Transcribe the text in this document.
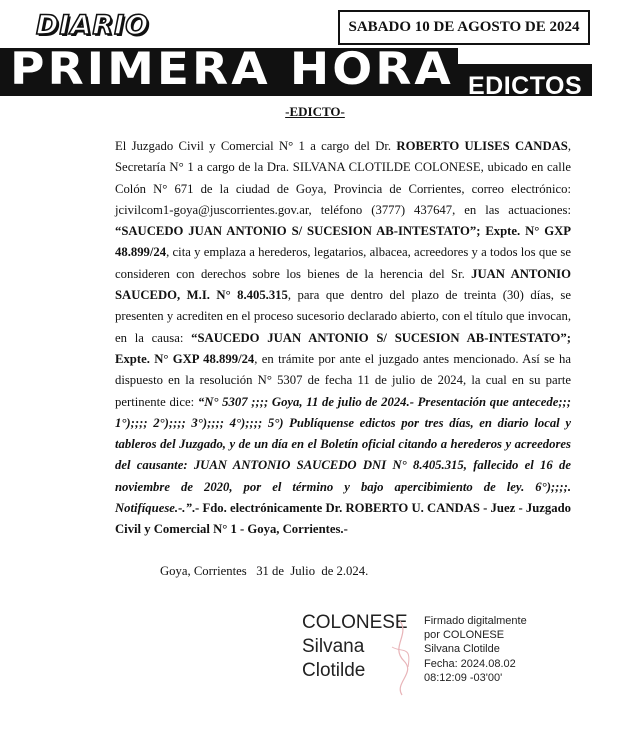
DIARIO	SABADO 10 DE AGOSTO DE 2024
PRIMERA HORA EDICTOS
-EDICTO-
El Juzgado Civil y Comercial N° 1 a cargo del Dr. ROBERTO ULISES CANDAS, Secretaría N° 1 a cargo de la Dra. SILVANA CLOTILDE COLONESE, ubicado en calle Colón N° 671 de la ciudad de Goya, Provincia de Corrientes, correo electrónico: jcivilcom1-goya@juscorrientes.gov.ar, teléfono (3777) 437647, en las actuaciones: “SAUCEDO JUAN ANTONIO S/ SUCESION AB-INTESTATO”; Expte. N° GXP 48.899/24, cita y emplaza a herederos, legatarios, albacea, acreedores y a todos los que se consideren con derechos sobre los bienes de la herencia del Sr. JUAN ANTONIO SAUCEDO, M.I. N° 8.405.315, para que dentro del plazo de treinta (30) días, se presenten y acrediten en el proceso sucesorio declarado abierto, con el título que invocan, en la causa: “SAUCEDO JUAN ANTONIO S/ SUCESION AB-INTESTATO”; Expte. N° GXP 48.899/24, en trámite por ante el juzgado antes mencionado. Así se ha dispuesto en la resolución N° 5307 de fecha 11 de julio de 2024, la cual en su parte pertinente dice: “N° 5307 ;;;; Goya, 11 de julio de 2024.- Presentación que antecede;;; 1°);;;; 2°);;;; 3°);;;; 4°);;;; 5°) Publíquense edictos por tres días, en diario local y tableros del Juzgado, y de un día en el Boletín oficial citando a herederos y acreedores del causante: JUAN ANTONIO SAUCEDO DNI N° 8.405.315, fallecido el 16 de noviembre de 2020, por el término y bajo apercibimiento de ley. 6°);;;;. Notifíquese.-.”.- Fdo. electrónicamente Dr. ROBERTO U. CANDAS - Juez - Juzgado Civil y Comercial N° 1 - Goya, Corrientes.-
Goya, Corrientes   31 de  Julio  de 2.024.
COLONESE
Silvana
Clotilde
Firmado digitalmente
por COLONESE
Silvana Clotilde
Fecha: 2024.08.02
08:12:09 -03'00'
